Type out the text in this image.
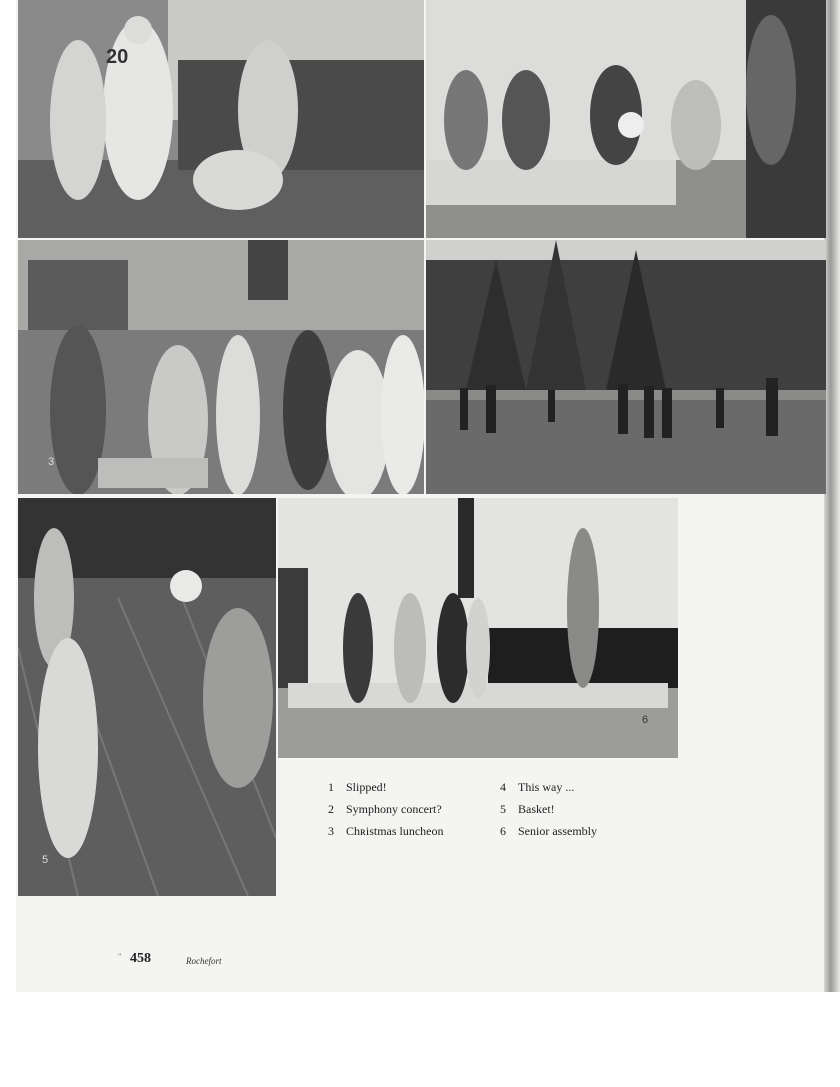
20
3
5
6
1	Slipped!
2	Symphony concert?
3	Chʀistmas luncheon
4	This way ...
5	Basket!
6	Senior assembly
" 458	Rochefort
